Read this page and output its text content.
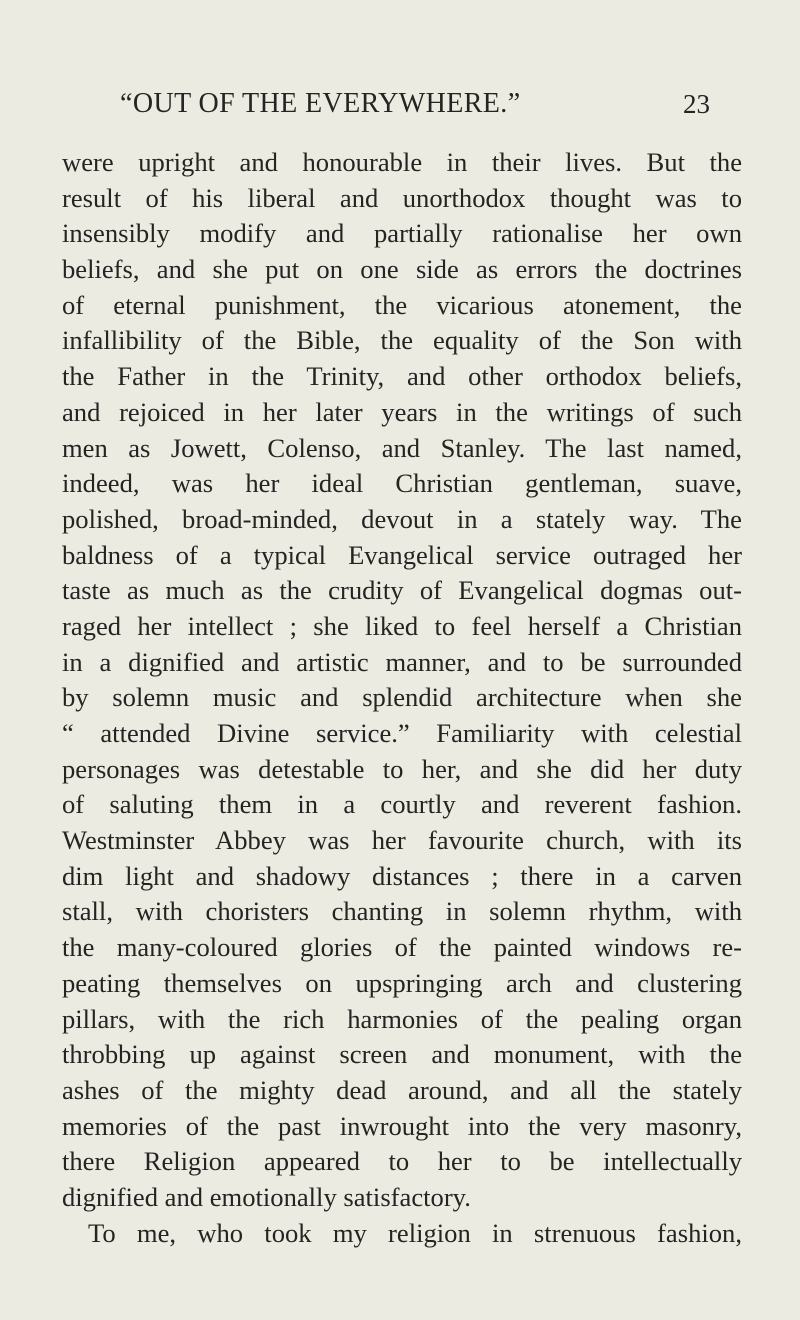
“OUT OF THE EVERYWHERE.”	23
were upright and honourable in their lives. But the
result of his liberal and unorthodox thought was to
insensibly modify and partially rationalise her own
beliefs, and she put on one side as errors the doctrines
of eternal punishment, the vicarious atonement, the
infallibility of the Bible, the equality of the Son with
the Father in the Trinity, and other orthodox beliefs,
and rejoiced in her later years in the writings of such
men as Jowett, Colenso, and Stanley. The last named,
indeed, was her ideal Christian gentleman, suave,
polished, broad-minded, devout in a stately way. The
baldness of a typical Evangelical service outraged her
taste as much as the crudity of Evangelical dogmas out-
raged her intellect ; she liked to feel herself a Christian
in a dignified and artistic manner, and to be surrounded
by solemn music and splendid architecture when she
“ attended Divine service.” Familiarity with celestial
personages was detestable to her, and she did her duty
of saluting them in a courtly and reverent fashion.
Westminster Abbey was her favourite church, with its
dim light and shadowy distances ; there in a carven
stall, with choristers chanting in solemn rhythm, with
the many-coloured glories of the painted windows re-
peating themselves on upspringing arch and clustering
pillars, with the rich harmonies of the pealing organ
throbbing up against screen and monument, with the
ashes of the mighty dead around, and all the stately
memories of the past inwrought into the very masonry,
there Religion appeared to her to be intellectually
dignified and emotionally satisfactory.
To me, who took my religion in strenuous fashion,
